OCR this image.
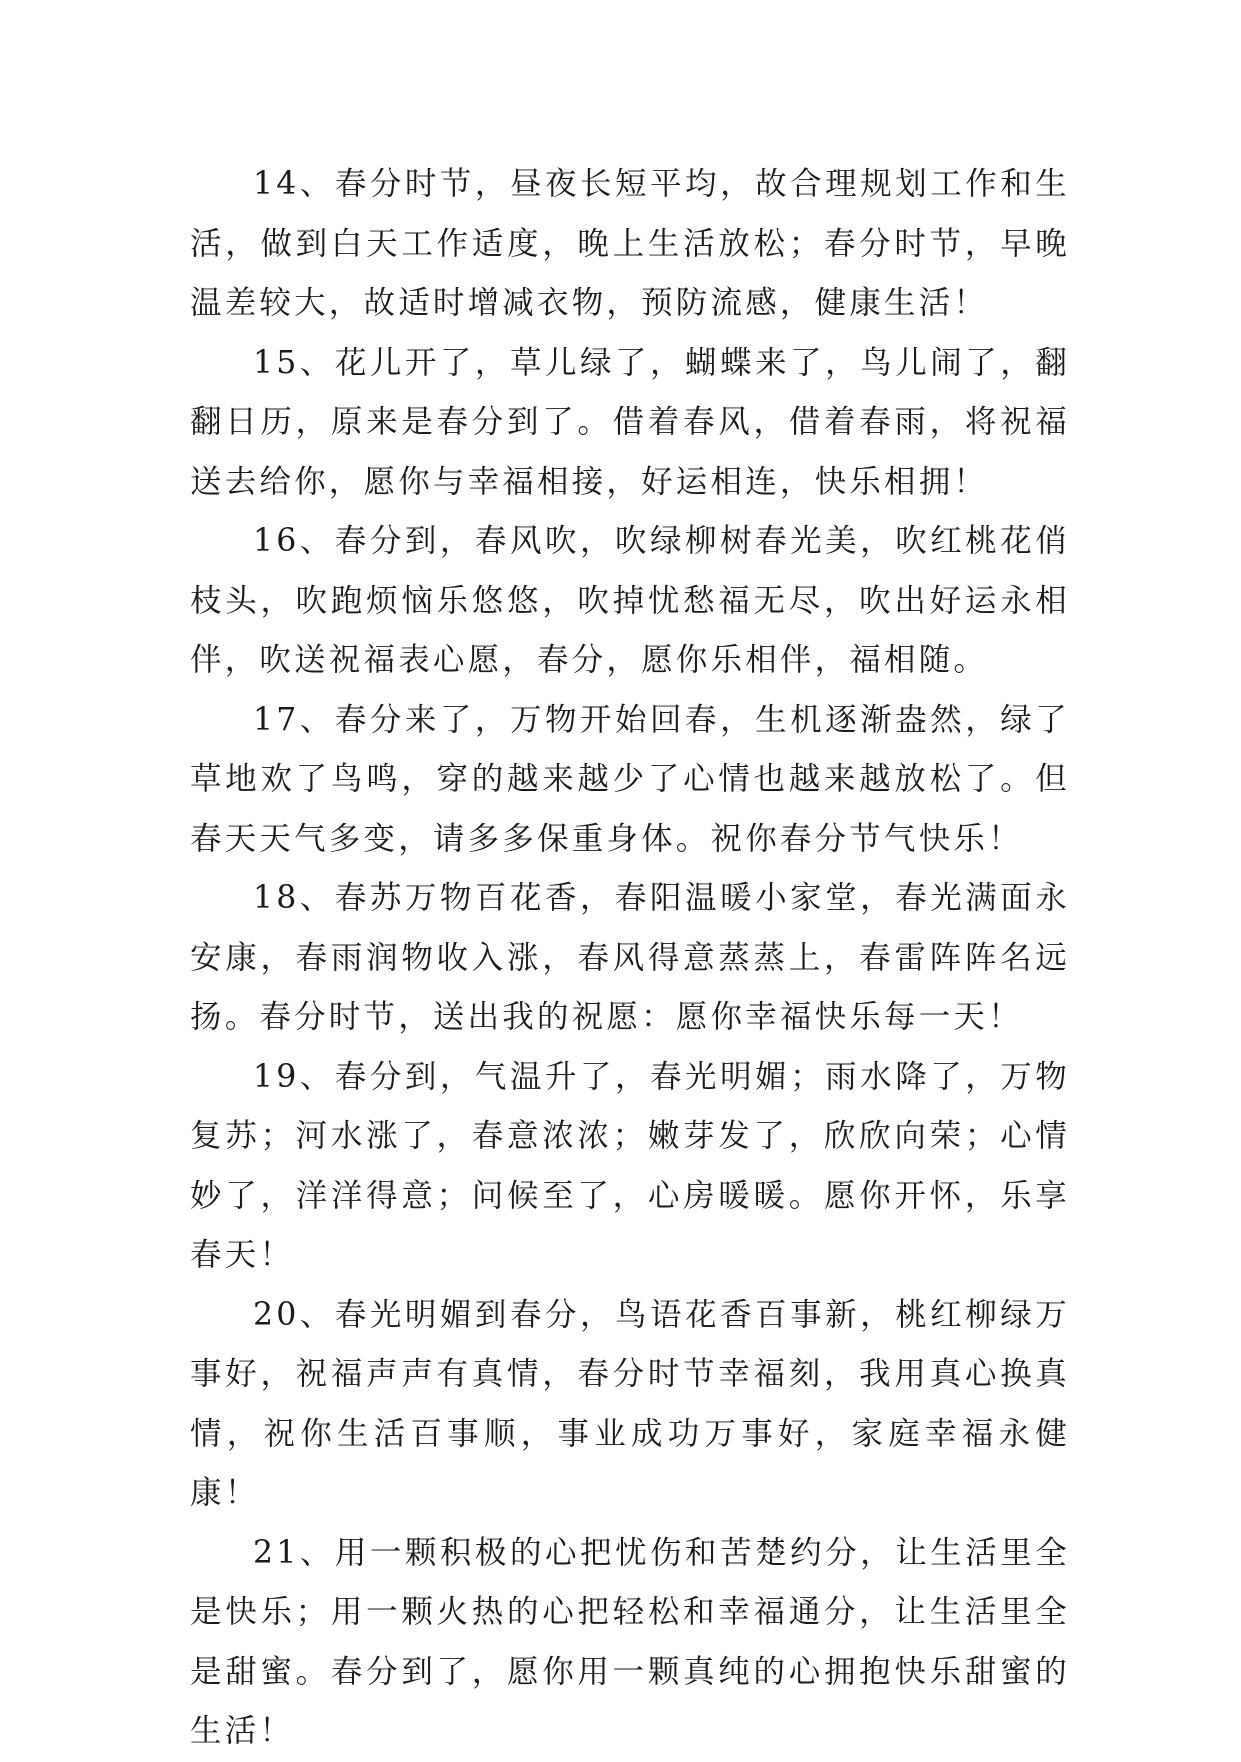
14、春分时节，昼夜长短平均，故合理规划工作和生活，做到白天工作适度，晚上生活放松；春分时节，早晚温差较大，故适时增减衣物，预防流感，健康生活！

15、花儿开了，草儿绿了，蝴蝶来了，鸟儿闹了，翻翻日历，原来是春分到了。借着春风，借着春雨，将祝福送去给你，愿你与幸福相接，好运相连，快乐相拥！

16、春分到，春风吹，吹绿柳树春光美，吹红桃花俏枝头，吹跑烦恼乐悠悠，吹掉忧愁福无尽，吹出好运永相伴，吹送祝福表心愿，春分，愿你乐相伴，福相随。

17、春分来了，万物开始回春，生机逐渐盎然，绿了草地欢了鸟鸣，穿的越来越少了心情也越来越放松了。但春天天气多变，请多多保重身体。祝你春分节气快乐！

18、春苏万物百花香，春阳温暖小家堂，春光满面永安康，春雨润物收入涨，春风得意蒸蒸上，春雷阵阵名远扬。春分时节，送出我的祝愿：愿你幸福快乐每一天！

19、春分到，气温升了，春光明媚；雨水降了，万物复苏；河水涨了，春意浓浓；嫩芽发了，欣欣向荣；心情妙了，洋洋得意；问候至了，心房暖暖。愿你开怀，乐享春天！

20、春光明媚到春分，鸟语花香百事新，桃红柳绿万事好，祝福声声有真情，春分时节幸福刻，我用真心换真情，祝你生活百事顺，事业成功万事好，家庭幸福永健康！

21、用一颗积极的心把忧伤和苦楚约分，让生活里全是快乐；用一颗火热的心把轻松和幸福通分，让生活里全是甜蜜。春分到了，愿你用一颗真纯的心拥抱快乐甜蜜的生活！
